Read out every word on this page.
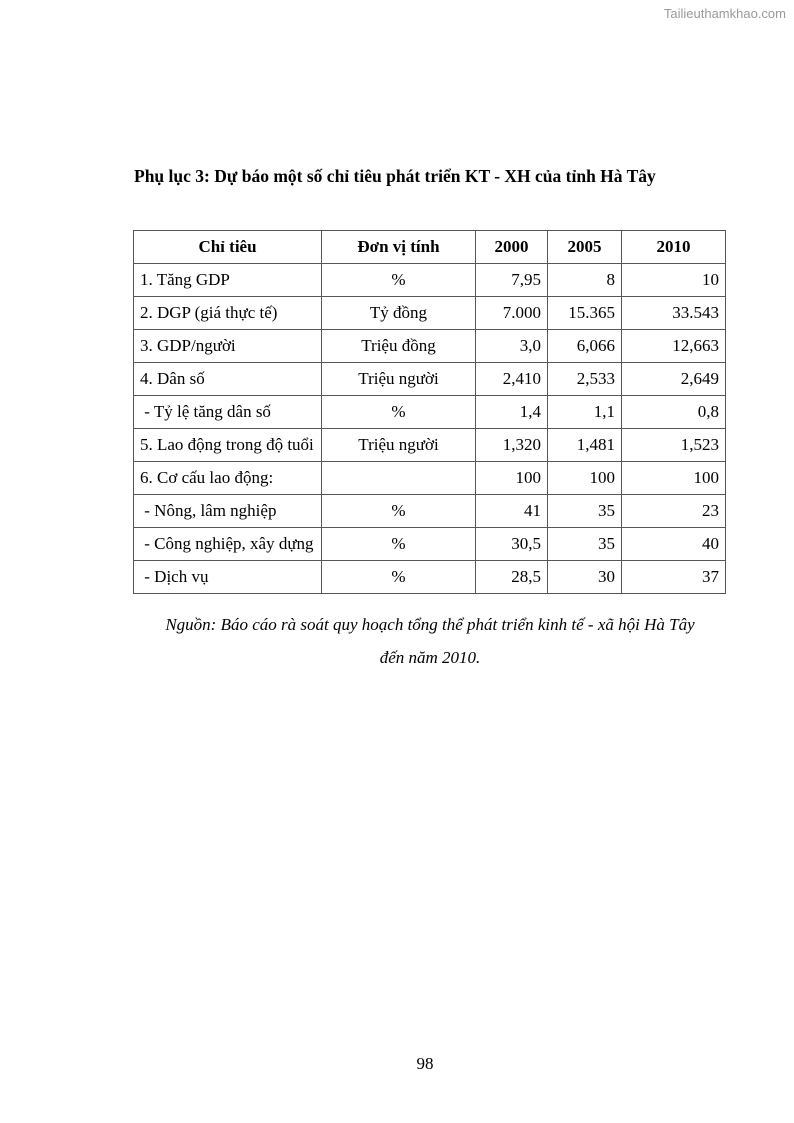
Tailieuthamkhao.com
Phụ lục 3: Dự báo một số chỉ tiêu phát triển KT - XH của tỉnh Hà Tây
Chỉ tiêu	Đơn vị tính	2000	2005	2010
1. Tăng GDP	%	7,95	8	10
2. DGP (giá thực tế)	Tỷ đồng	7.000	15.365	33.543
3. GDP/người	Triệu đồng	3,0	6,066	12,663
4. Dân số	Triệu người	2,410	2,533	2,649
- Tỷ lệ tăng dân số	%	1,4	1,1	0,8
5. Lao động trong độ tuổi	Triệu người	1,320	1,481	1,523
6. Cơ cấu lao động:		100	100	100
- Nông, lâm nghiệp	%	41	35	23
- Công nghiệp, xây dựng	%	30,5	35	40
- Dịch vụ	%	28,5	30	37
Nguồn: Báo cáo rà soát quy hoạch tổng thể phát triển kinh tế - xã hội Hà Tây
đến năm 2010.
98
